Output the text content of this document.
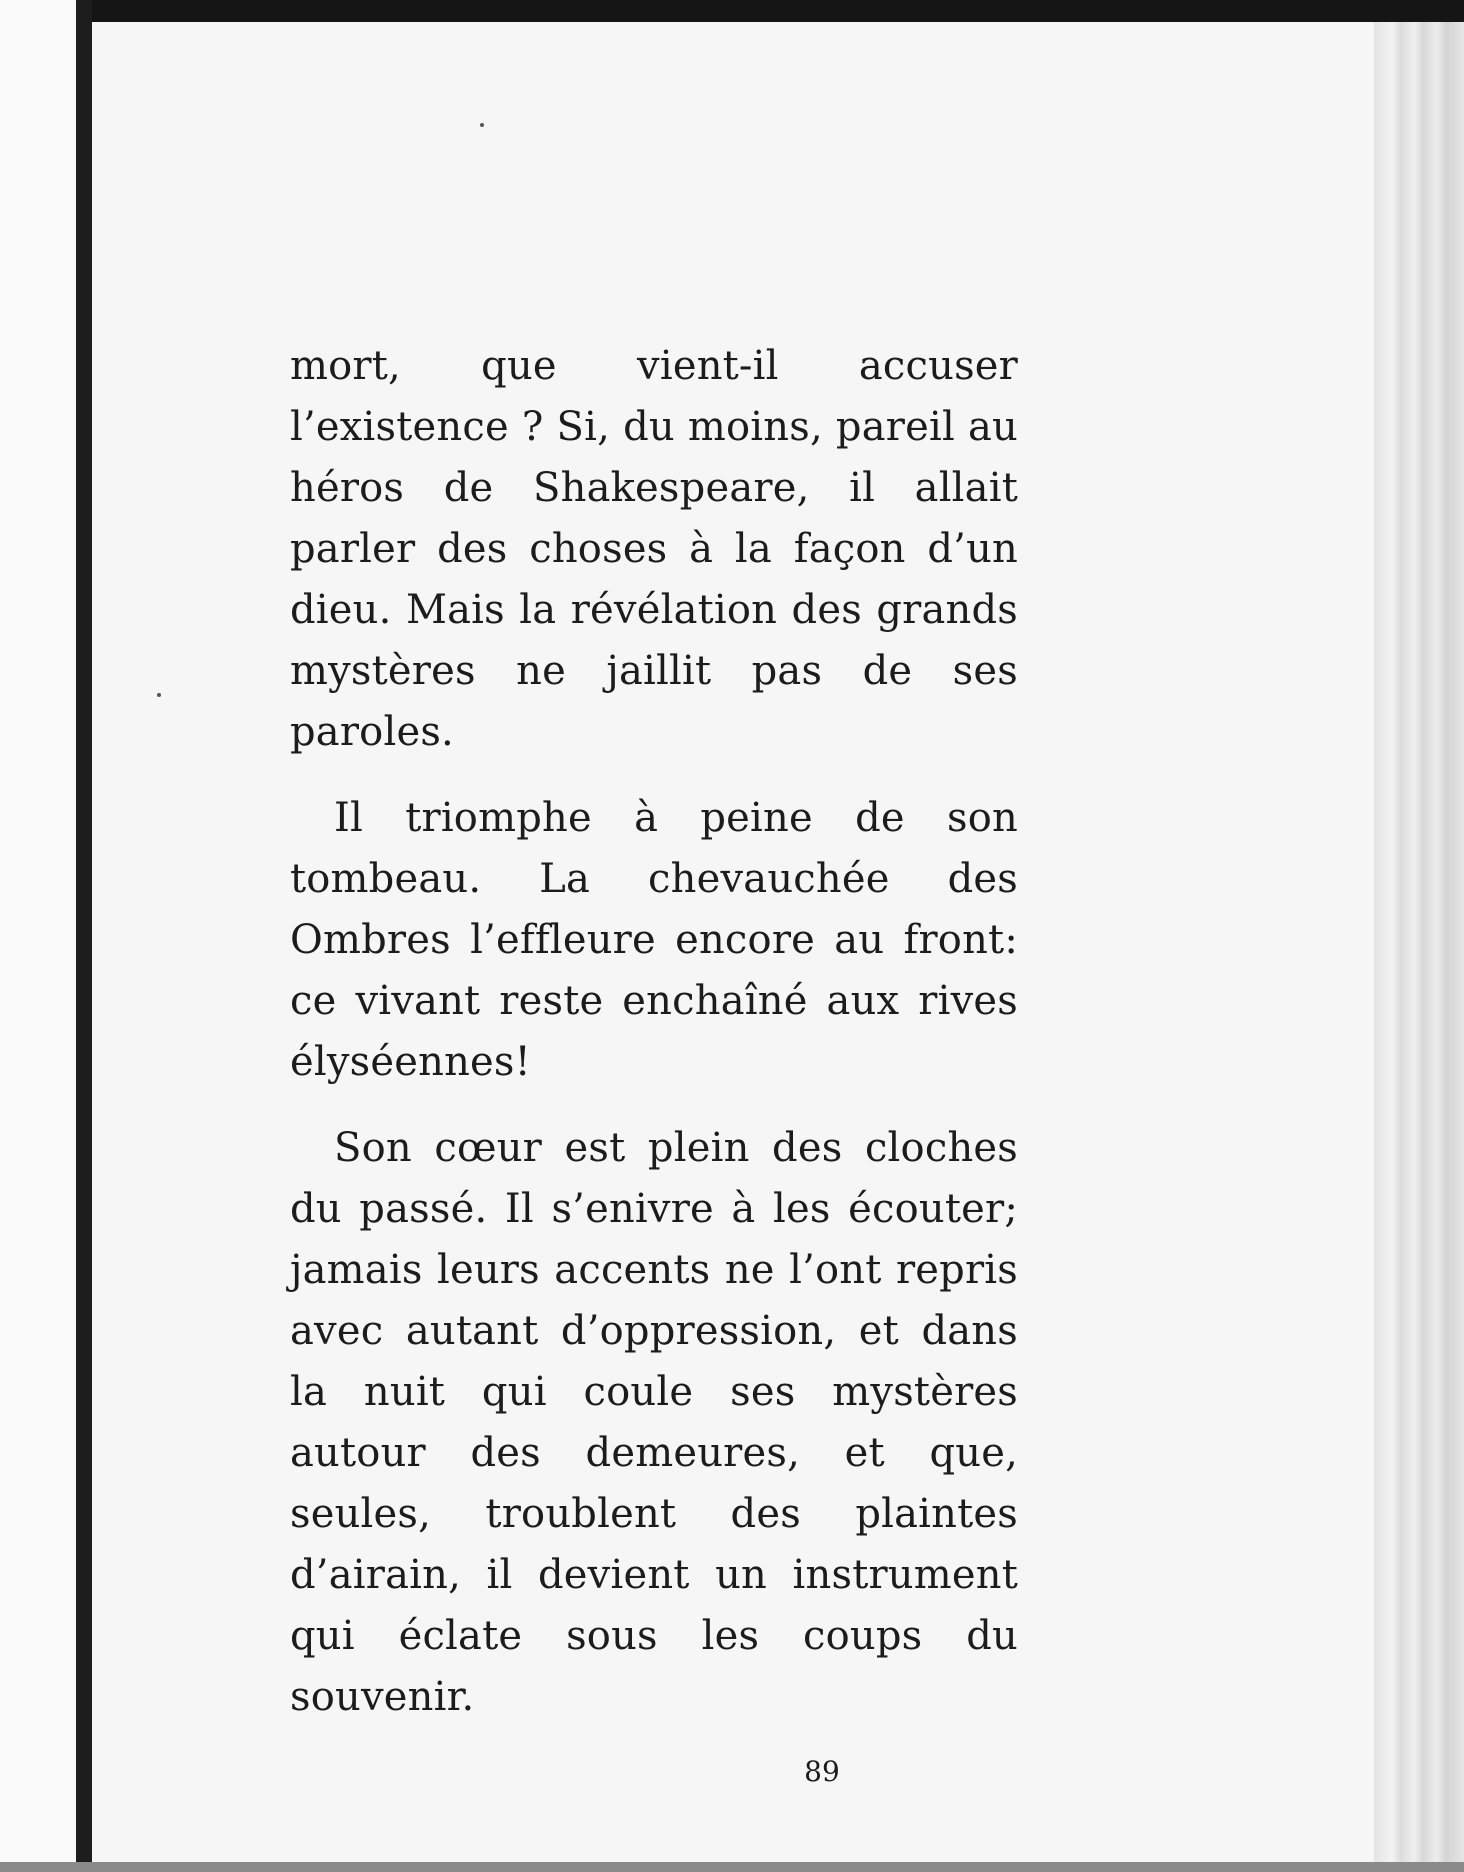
mort, que vient-il accuser l’existence ? Si, du moins, pareil au héros de Shakespeare, il allait parler des choses à la façon d’un dieu. Mais la révélation des grands mystères ne jaillit pas de ses paroles.

Il triomphe à peine de son tombeau. La chevauchée des Ombres l’effleure encore au front: ce vivant reste enchaîné aux rives élyséennes!

Son cœur est plein des cloches du passé. Il s’enivre à les écouter; jamais leurs accents ne l’ont repris avec autant d’oppression, et dans la nuit qui coule ses mystères autour des demeures, et que, seules, troublent des plaintes d’airain, il devient un instrument qui éclate sous les coups du souvenir.

89
